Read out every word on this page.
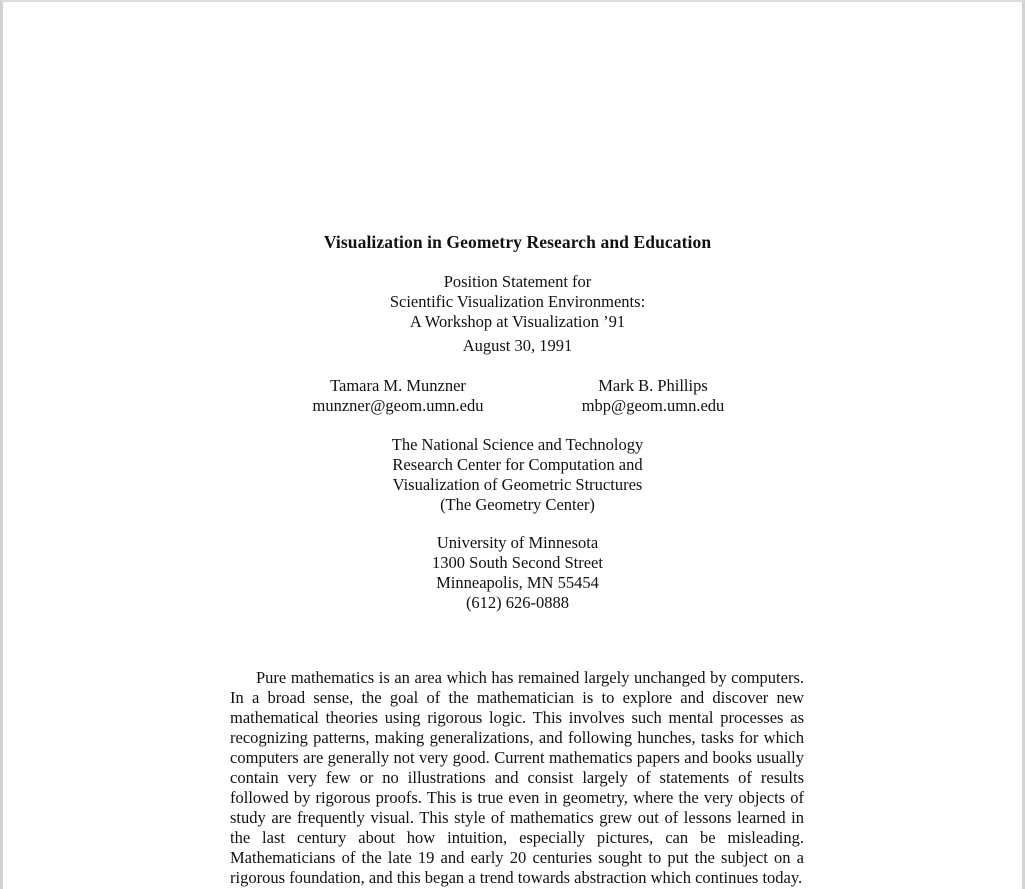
Visualization in Geometry Research and Education
Position Statement for
Scientific Visualization Environments:
A Workshop at Visualization ’91
August 30, 1991
Tamara M. Munzner
munzner@geom.umn.edu
Mark B. Phillips
mbp@geom.umn.edu
The National Science and Technology
Research Center for Computation and
Visualization of Geometric Structures
(The Geometry Center)
University of Minnesota
1300 South Second Street
Minneapolis, MN 55454
(612) 626-0888

Pure mathematics is an area which has remained largely unchanged by computers. In a broad sense, the goal of the mathematician is to explore and discover new mathematical theories using rigorous logic. This involves such mental processes as recognizing patterns, making generalizations, and following hunches, tasks for which computers are generally not very good. Current mathematics papers and books usually contain very few or no illustrations and consist largely of statements of results followed by rigorous proofs. This is true even in geometry, where the very objects of study are frequently visual. This style of mathematics grew out of lessons learned in the last century about how intuition, especially pictures, can be misleading. Mathematicians of the late 19 and early 20 centuries sought to put the subject on a rigorous foundation, and this began a trend towards abstraction which continues today.
